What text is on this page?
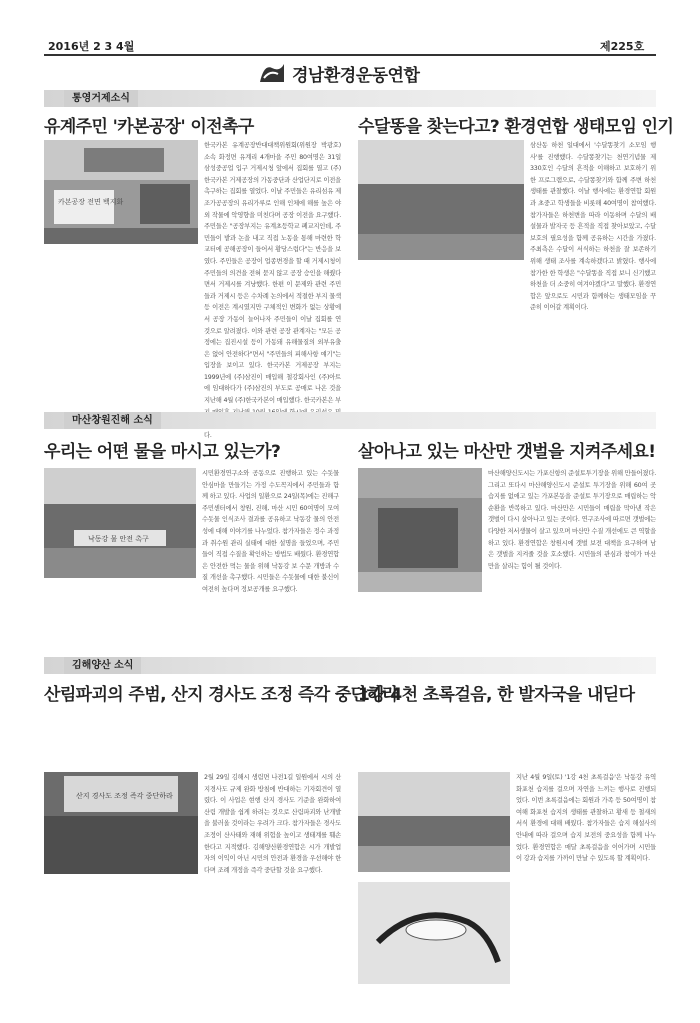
2016년 2 3 4월	제225호
경남환경운동연합
통영거제소식
유계주민 '카본공장' 이전촉구
카본공장 전면 백지화
한국카본 유계공장반대대책위원회(위원장 박광호) 소속 화정면 유계리 4개마을 주민 80여명은 31일 삼성중공업 입구 거제시청 앞에서 집회를 열고 (주)한국카본 거제공장의 가동중단과 산업단지로 이전을 촉구하는 집회를 열었다. 이날 주민들은 유리섬유 제조가공공장의 유리가루로 인해 인체에 해를 높은 야외 작물에 악영향을 미친다며 공장 이전을 요구했다. 주민들은 "공장부지는 유계초등학교 폐교지인데, 주민들이 밭과 논을 내고 직접 노동을 통해 마련한 학교터에 공해공장이 들어서 황당스럽다"는 반응을 보였다. 주민들은 공장이 업종변경을 할 때 거제시청이 주민들의 의견을 전혀 묻지 않고 공장 승인을 해줬다면서 거제시를 겨냥했다. 한편 이 문제와 관련 주민들과 거제시 등은 수차례 논의에서 적절한 부지 물색 등 이전은 계시였지만 구체적인 변화가 없는 상황에서 공장 가동이 늘어나자 주민들이 이날 집회를 연 것으로 알려졌다. 이와 관련 공장 관계자는 "모든 공정에는 집진시설 등이 가동돼 유해물질의 외부유출은 없어 안전하다"면서 "주민들의 피해사항 얘기"는 입장을 보이고 있다. 한국카본 거제공장 부지는 1999년에 (주)삼진이 매입해 철강회사인 (주)아트에 임대하다가 (주)삼진의 부도로 공매로 나온 것을 지난해 4월 (주)한국카본이 매입했다. 한국카본은 부 다.
수달똥을 찾는다고? 환경연합 생태모임 인기
삼산동 하천 일대에서 '수달똥찾기 소모임 행사'를 진행했다. 수달똥찾기는 천연기념물 제330호인 수달의 흔적을 이해하고 보호하기 위한 프로그램으로, 수달똥찾기와 함께 주변 하천 생태를 관찰했다. 이날 행사에는 환경연합 회원과 초중고 학생들을 비롯해 40여명이 참여했다. 참가자들은 하천변을 따라 이동하며 수달의 배설물과 발자국 등 흔적을 직접 찾아보았고, 수달 보호의 필요성을 함께 공유하는 시간을 가졌다. 주최측은 수달이 서식하는 하천을 잘 보존하기 위해 생태 조사를 계속하겠다고 밝혔다. 행사에 참가한 한 학생은 "수달똥을 직접 보니 신기했고 하천을 더 소중히 여겨야겠다"고 말했다. 환경연합은 앞으로도 시민과 함께하는 생태모임을 꾸준히 이어갈 계획이다.
마산창원진해 소식
우리는 어떤 물을 마시고 있는가?
낙동강 물 안전 촉구
시민환경연구소와 공동으로 진행하고 있는 수돗물 안심마을 만들기는 가정 수도꼭지에서 주민들과 함께 하고 있다. 사업의 일환으로 24일(목)에는 진해구 주민센터에서 창원, 진해, 마산 시민 60여명이 모여 수돗물 인식조사 결과를 공유하고 낙동강 물의 안전성에 대해 이야기를 나누었다. 참가자들은 정수 과정과 취수원 관리 실태에 대한 설명을 들었으며, 주민들이 직접 수질을 확인하는 방법도 배웠다. 환경연합은 안전한 먹는 물을 위해 낙동강 보 수문 개방과 수질 개선을 촉구했다. 시민들은 수돗물에 대한 불신이 여전히 높다며 정보공개를 요구했다.
살아나고 있는 마산만 갯벌을 지켜주세요!
마산해양신도시는 가포신항의 준설토투기장을 위해 만들어졌다. 그리고 또다시 마산해양신도시 준설토 투기장을 위해 60여 곳 습지를 없애고 있는 가포본동을 준설토 투기장으로 매립하는 악순환을 반복하고 있다. 마산만은 시민들이 매립을 막아낸 작은 갯벌이 다시 살아나고 있는 곳이다. 연구조사에 따르면 갯벌에는 다양한 저서생물이 살고 있으며 마산만 수질 개선에도 큰 역할을 하고 있다. 환경연합은 창원시에 갯벌 보전 대책을 요구하며 남은 갯벌을 지켜줄 것을 호소했다. 시민들의 관심과 참여가 마산만을 살리는 힘이 될 것이다.
김해양산 소식
산림파괴의 주범, 산지 경사도 조정 즉각 중단하라
산지 경사도 조정 즉각 중단하라
2월 29일 김해시 생림면 나전1길 일원에서 시의 산지경사도 규제 완화 방침에 반대하는 기자회견이 열렸다. 이 사업은 현행 산지 경사도 기준을 완화하여 산림 개발을 쉽게 하려는 것으로 산림파괴와 난개발을 불러올 것이라는 우려가 크다. 참가자들은 경사도 조정이 산사태와 재해 위험을 높이고 생태계를 훼손한다고 지적했다. 김해양산환경연합은 시가 개발업자의 이익이 아닌 시민의 안전과 환경을 우선해야 한다며 조례 개정을 즉각 중단할 것을 요구했다.
1강 4천 초록걸음, 한 발자국을 내딛다
지난 4월 9일(토) '1강 4천 초록걸음'은 낙동강 유역 화포천 습지를 걸으며 자연을 느끼는 행사로 진행되었다. 이번 초록걸음에는 회원과 가족 등 50여명이 참여해 화포천 습지의 생태를 관찰하고 황새 등 철새의 서식 환경에 대해 배웠다. 참가자들은 습지 해설사의 안내에 따라 걸으며 습지 보전의 중요성을 함께 나누었다. 환경연합은 매달 초록걸음을 이어가며 시민들이 강과 습지를 가까이 만날 수 있도록 할 계획이다.
